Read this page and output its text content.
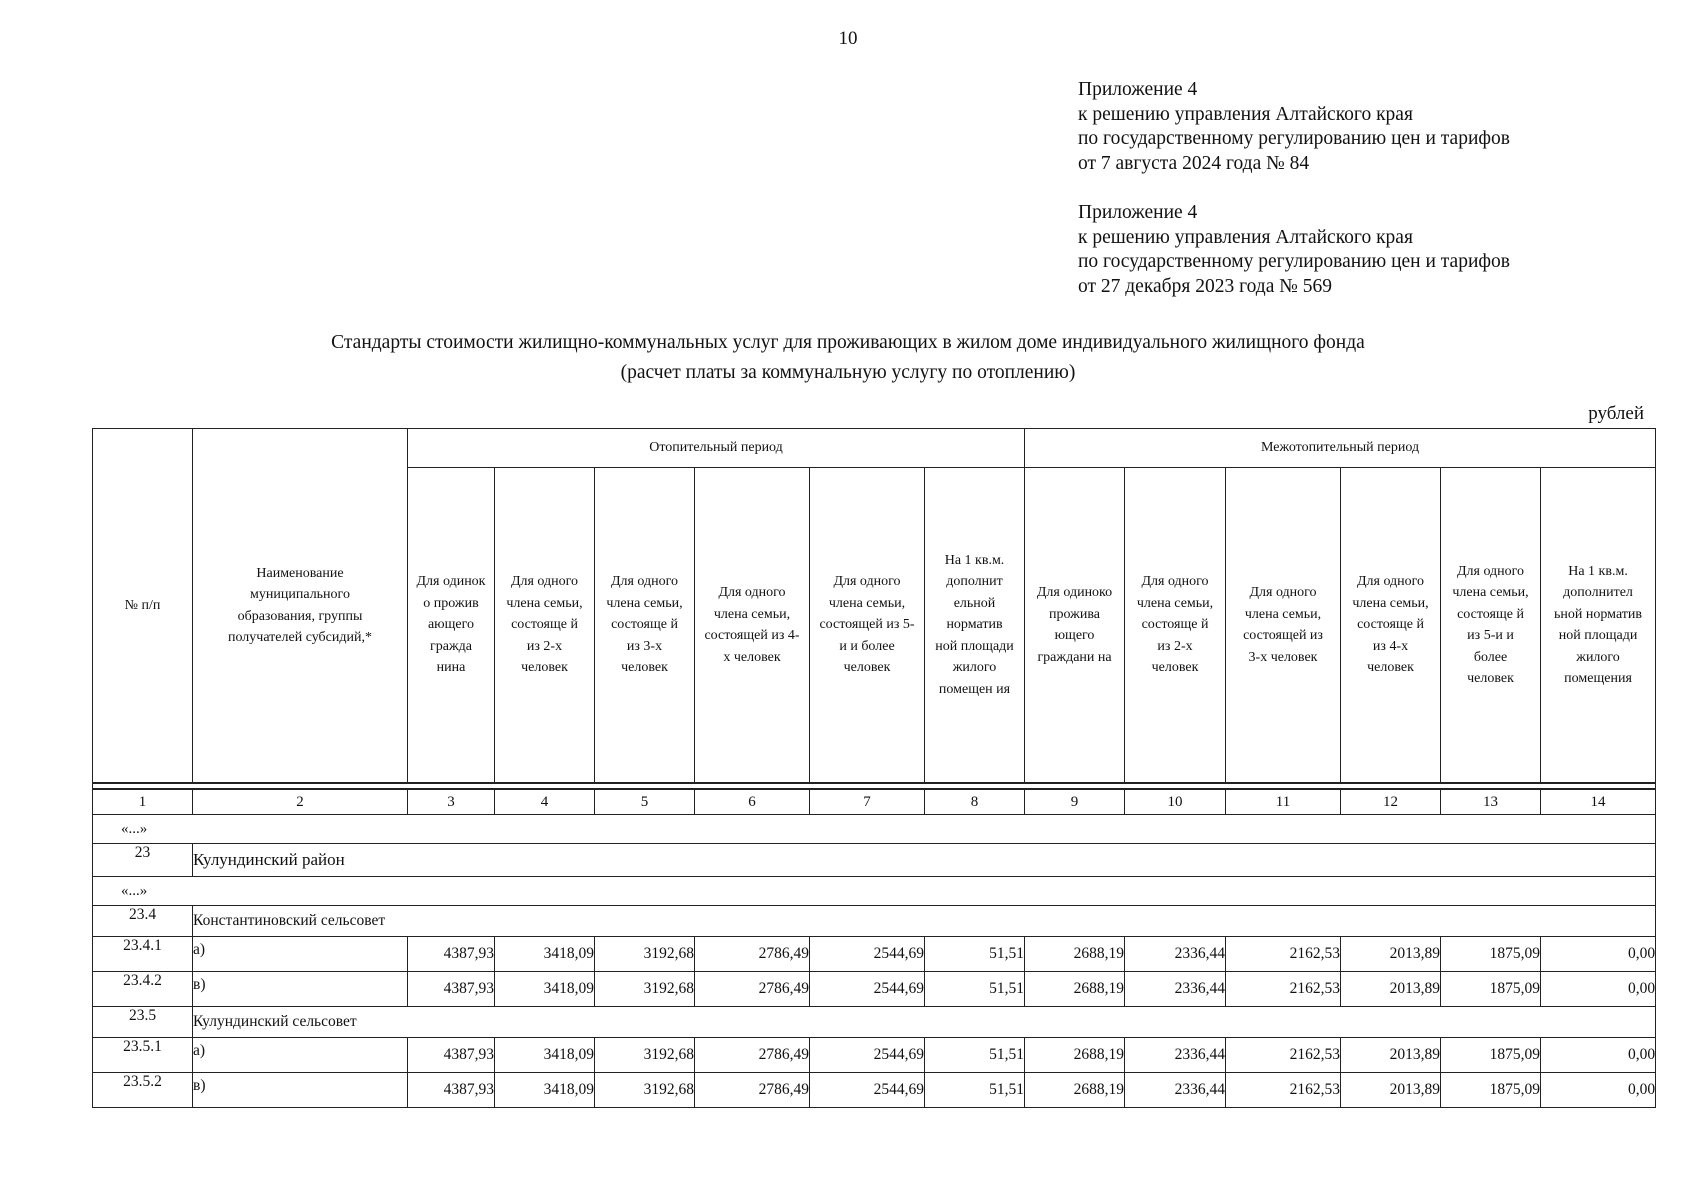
10
Приложение 4
к решению управления Алтайского края
по государственному регулированию цен и тарифов
от 7 августа 2024 года № 84
Приложение 4
к решению управления Алтайского края
по государственному регулированию цен и тарифов
от 27 декабря 2023 года № 569
Стандарты стоимости жилищно-коммунальных услуг для проживающих в жилом доме индивидуального жилищного фонда
(расчет платы за коммунальную услугу по отоплению)
рублей
№ п/п	Наименование муниципального образования, группы получателей субсидий,*	Отопительный период						Межотопительный период					
		Для одинок о прожив ающего гражда нина	Для одного члена семьи, состояще й из 2-х человек	Для одного члена семьи, состояще й из 3-х человек	Для одного члена семьи, состоящей из 4-х человек	Для одного члена семьи, состоящей из 5-и и более человек	На 1 кв.м. дополнит ельной норматив ной площади жилого помещен ия	Для одиноко прожива ющего граждани на	Для одного члена семьи, состояще й из 2-х человек	Для одного члена семьи, состоящей из 3-х человек	Для одного члена семьи, состояще й из 4-х человек	Для одного члена семьи, состояще й из 5-и и более человек	На 1 кв.м. дополнител ьной норматив ной площади жилого помещения

1	2	3	4	5	6	7	8	9	10	11	12	13	14
«...»													
23	Кулундинский район												
«...»													
23.4	Константиновский сельсовет												
23.4.1	а)	4387,93	3418,09	3192,68	2786,49	2544,69	51,51	2688,19	2336,44	2162,53	2013,89	1875,09	0,00
23.4.2	в)	4387,93	3418,09	3192,68	2786,49	2544,69	51,51	2688,19	2336,44	2162,53	2013,89	1875,09	0,00
23.5	Кулундинский сельсовет												
23.5.1	а)	4387,93	3418,09	3192,68	2786,49	2544,69	51,51	2688,19	2336,44	2162,53	2013,89	1875,09	0,00
23.5.2	в)	4387,93	3418,09	3192,68	2786,49	2544,69	51,51	2688,19	2336,44	2162,53	2013,89	1875,09	0,00
